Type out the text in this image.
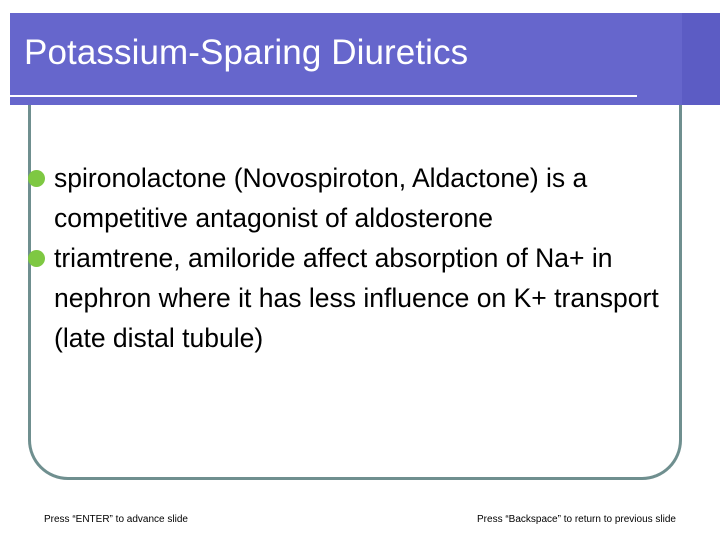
Potassium-Sparing Diuretics
spironolactone (Novospiroton, Aldactone) is a competitive antagonist of aldosterone
triamtrene, amiloride affect absorption of Na+ in nephron where it has less influence on K+ transport (late distal tubule)
Press “ENTER” to advance slide	Press “Backspace” to return to previous slide
